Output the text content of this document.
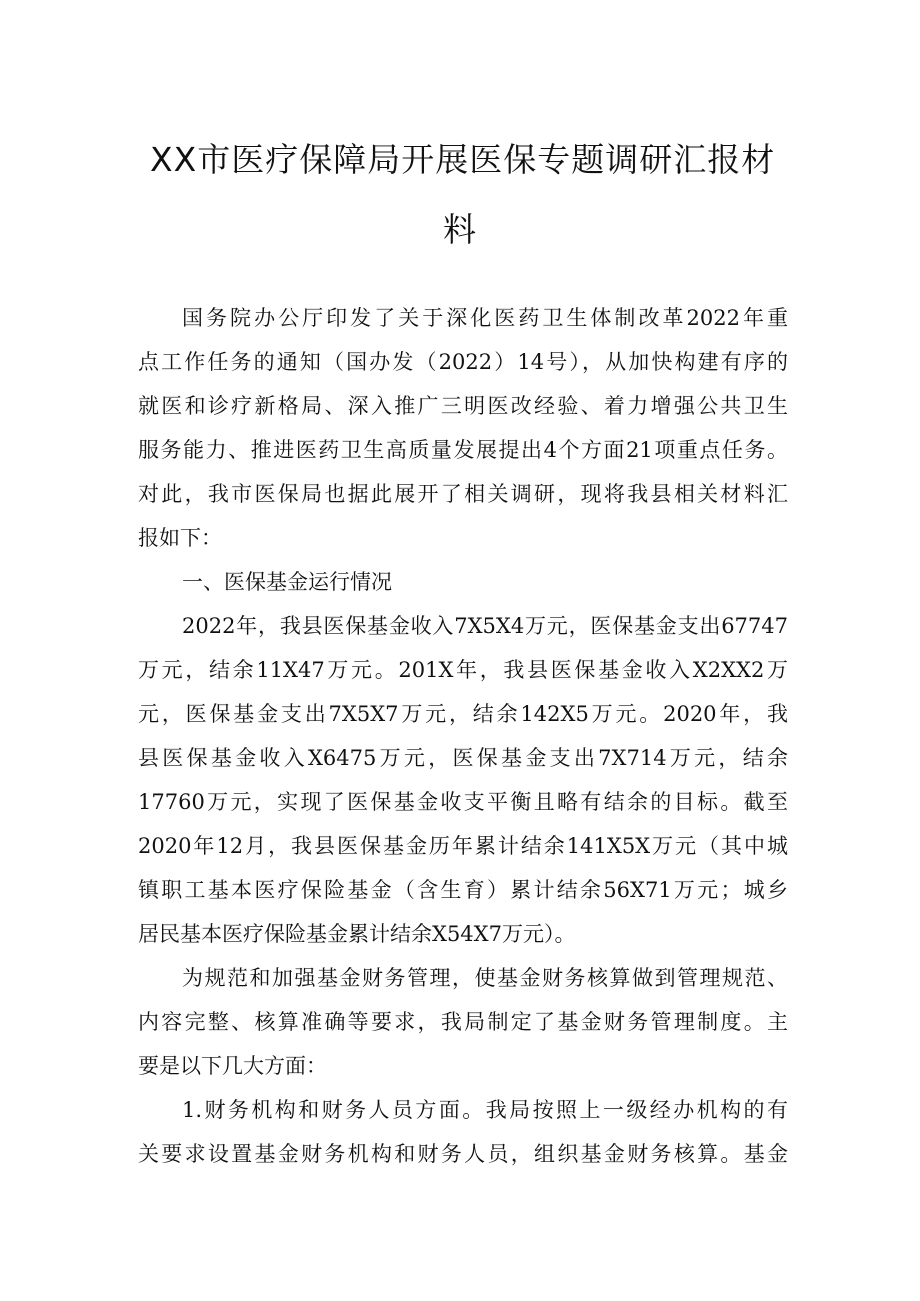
XX市医疗保障局开展医保专题调研汇报材
料
国务院办公厅印发了关于深化医药卫生体制改革2022年重
点工作任务的通知（国办发（2022）14号），从加快构建有序的
就医和诊疗新格局、深入推广三明医改经验、着力增强公共卫生
服务能力、推进医药卫生高质量发展提出4个方面21项重点任务。
对此，我市医保局也据此展开了相关调研，现将我县相关材料汇
报如下：
一、医保基金运行情况
2022年，我县医保基金收入7X5X4万元，医保基金支出67747
万元，结余11X47万元。201X年，我县医保基金收入X2XX2万
元，医保基金支出7X5X7万元，结余142X5万元。2020年，我
县医保基金收入X6475万元，医保基金支出7X714万元，结余
17760万元，实现了医保基金收支平衡且略有结余的目标。截至
2020年12月，我县医保基金历年累计结余141X5X万元（其中城
镇职工基本医疗保险基金（含生育）累计结余56X71万元；城乡
居民基本医疗保险基金累计结余X54X7万元）。
为规范和加强基金财务管理，使基金财务核算做到管理规范、
内容完整、核算准确等要求，我局制定了基金财务管理制度。主
要是以下几大方面：
1.财务机构和财务人员方面。我局按照上一级经办机构的有
关要求设置基金财务机构和财务人员，组织基金财务核算。基金
